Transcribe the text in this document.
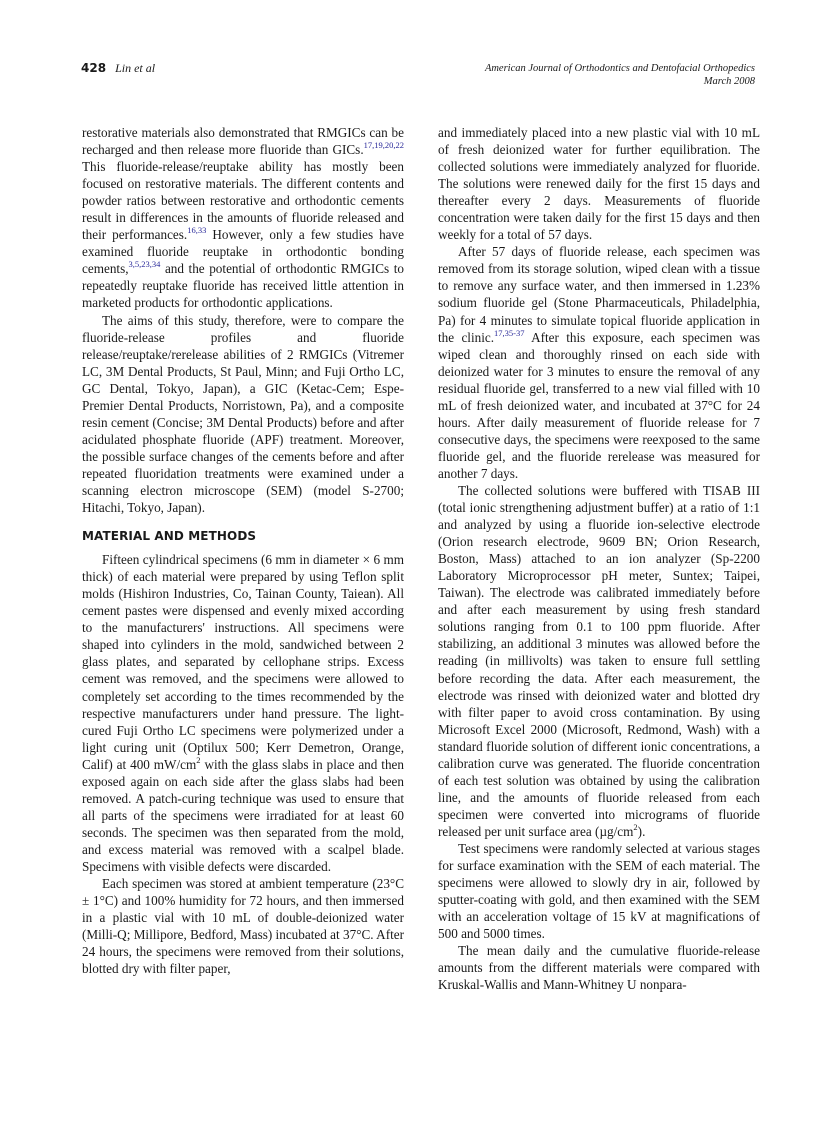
428 Lin et al	American Journal of Orthodontics and Dentofacial Orthopedics
March 2008

restorative materials also demonstrated that RMGICs can be recharged and then release more fluoride than GICs.$^{17,19,20,22}$ This fluoride-release/reuptake ability has mostly been focused on restorative materials. The different contents and powder ratios between restorative and orthodontic cements result in differences in the amounts of fluoride released and their performances.$^{16,33}$ However, only a few studies have examined fluoride reuptake in orthodontic bonding cements,$^{3,5,23,34}$ and the potential of orthodontic RMGICs to repeatedly reuptake fluoride has received little attention in marketed products for orthodontic applications.

The aims of this study, therefore, were to compare the fluoride-release profiles and fluoride release/reuptake/rerelease abilities of 2 RMGICs (Vitremer LC, 3M Dental Products, St Paul, Minn; and Fuji Ortho LC, GC Dental, Tokyo, Japan), a GIC (Ketac-Cem; Espe-Premier Dental Products, Norristown, Pa), and a composite resin cement (Concise; 3M Dental Products) before and after acidulated phosphate fluoride (APF) treatment. Moreover, the possible surface changes of the cements before and after repeated fluoridation treatments were examined under a scanning electron microscope (SEM) (model S-2700; Hitachi, Tokyo, Japan).

MATERIAL AND METHODS

Fifteen cylindrical specimens (6 mm in diameter × 6 mm thick) of each material were prepared by using Teflon split molds (Hishiron Industries, Co, Tainan County, Taiean). All cement pastes were dispensed and evenly mixed according to the manufacturers' instructions. All specimens were shaped into cylinders in the mold, sandwiched between 2 glass plates, and separated by cellophane strips. Excess cement was removed, and the specimens were allowed to completely set according to the times recommended by the respective manufacturers under hand pressure. The light-cured Fuji Ortho LC specimens were polymerized under a light curing unit (Optilux 500; Kerr Demetron, Orange, Calif) at 400 $mW/cm^2$ with the glass slabs in place and then exposed again on each side after the glass slabs had been removed. A patch-curing technique was used to ensure that all parts of the specimens were irradiated for at least 60 seconds. The specimen was then separated from the mold, and excess material was removed with a scalpel blade. Specimens with visible defects were discarded.

Each specimen was stored at ambient temperature (23°C ± 1°C) and 100% humidity for 72 hours, and then immersed in a plastic vial with 10 mL of double-deionized water (Milli-Q; Millipore, Bedford, Mass) incubated at 37°C. After 24 hours, the specimens were removed from their solutions, blotted dry with filter paper,

and immediately placed into a new plastic vial with 10 mL of fresh deionized water for further equilibration. The collected solutions were immediately analyzed for fluoride. The solutions were renewed daily for the first 15 days and thereafter every 2 days. Measurements of fluoride concentration were taken daily for the first 15 days and then weekly for a total of 57 days.

After 57 days of fluoride release, each specimen was removed from its storage solution, wiped clean with a tissue to remove any surface water, and then immersed in 1.23% sodium fluoride gel (Stone Pharmaceuticals, Philadelphia, Pa) for 4 minutes to simulate topical fluoride application in the clinic.$^{17,35-37}$ After this exposure, each specimen was wiped clean and thoroughly rinsed on each side with deionized water for 3 minutes to ensure the removal of any residual fluoride gel, transferred to a new vial filled with 10 mL of fresh deionized water, and incubated at 37°C for 24 hours. After daily measurement of fluoride release for 7 consecutive days, the specimens were reexposed to the same fluoride gel, and the fluoride rerelease was measured for another 7 days.

The collected solutions were buffered with TISAB III (total ionic strengthening adjustment buffer) at a ratio of 1:1 and analyzed by using a fluoride ion-selective electrode (Orion research electrode, 9609 BN; Orion Research, Boston, Mass) attached to an ion analyzer (Sp-2200 Laboratory Microprocessor pH meter, Suntex; Taipei, Taiwan). The electrode was calibrated immediately before and after each measurement by using fresh standard solutions ranging from 0.1 to 100 ppm fluoride. After stabilizing, an additional 3 minutes was allowed before the reading (in millivolts) was taken to ensure full settling before recording the data. After each measurement, the electrode was rinsed with deionized water and blotted dry with filter paper to avoid cross contamination. By using Microsoft Excel 2000 (Microsoft, Redmond, Wash) with a standard fluoride solution of different ionic concentrations, a calibration curve was generated. The fluoride concentration of each test solution was obtained by using the calibration line, and the amounts of fluoride released from each specimen were converted into micrograms of fluoride released per unit surface area $(\mu g/cm^2)$.

Test specimens were randomly selected at various stages for surface examination with the SEM of each material. The specimens were allowed to slowly dry in air, followed by sputter-coating with gold, and then examined with the SEM with an acceleration voltage of 15 kV at magnifications of 500 and 5000 times.

The mean daily and the cumulative fluoride-release amounts from the different materials were compared with Kruskal-Wallis and Mann-Whitney U nonpara-
